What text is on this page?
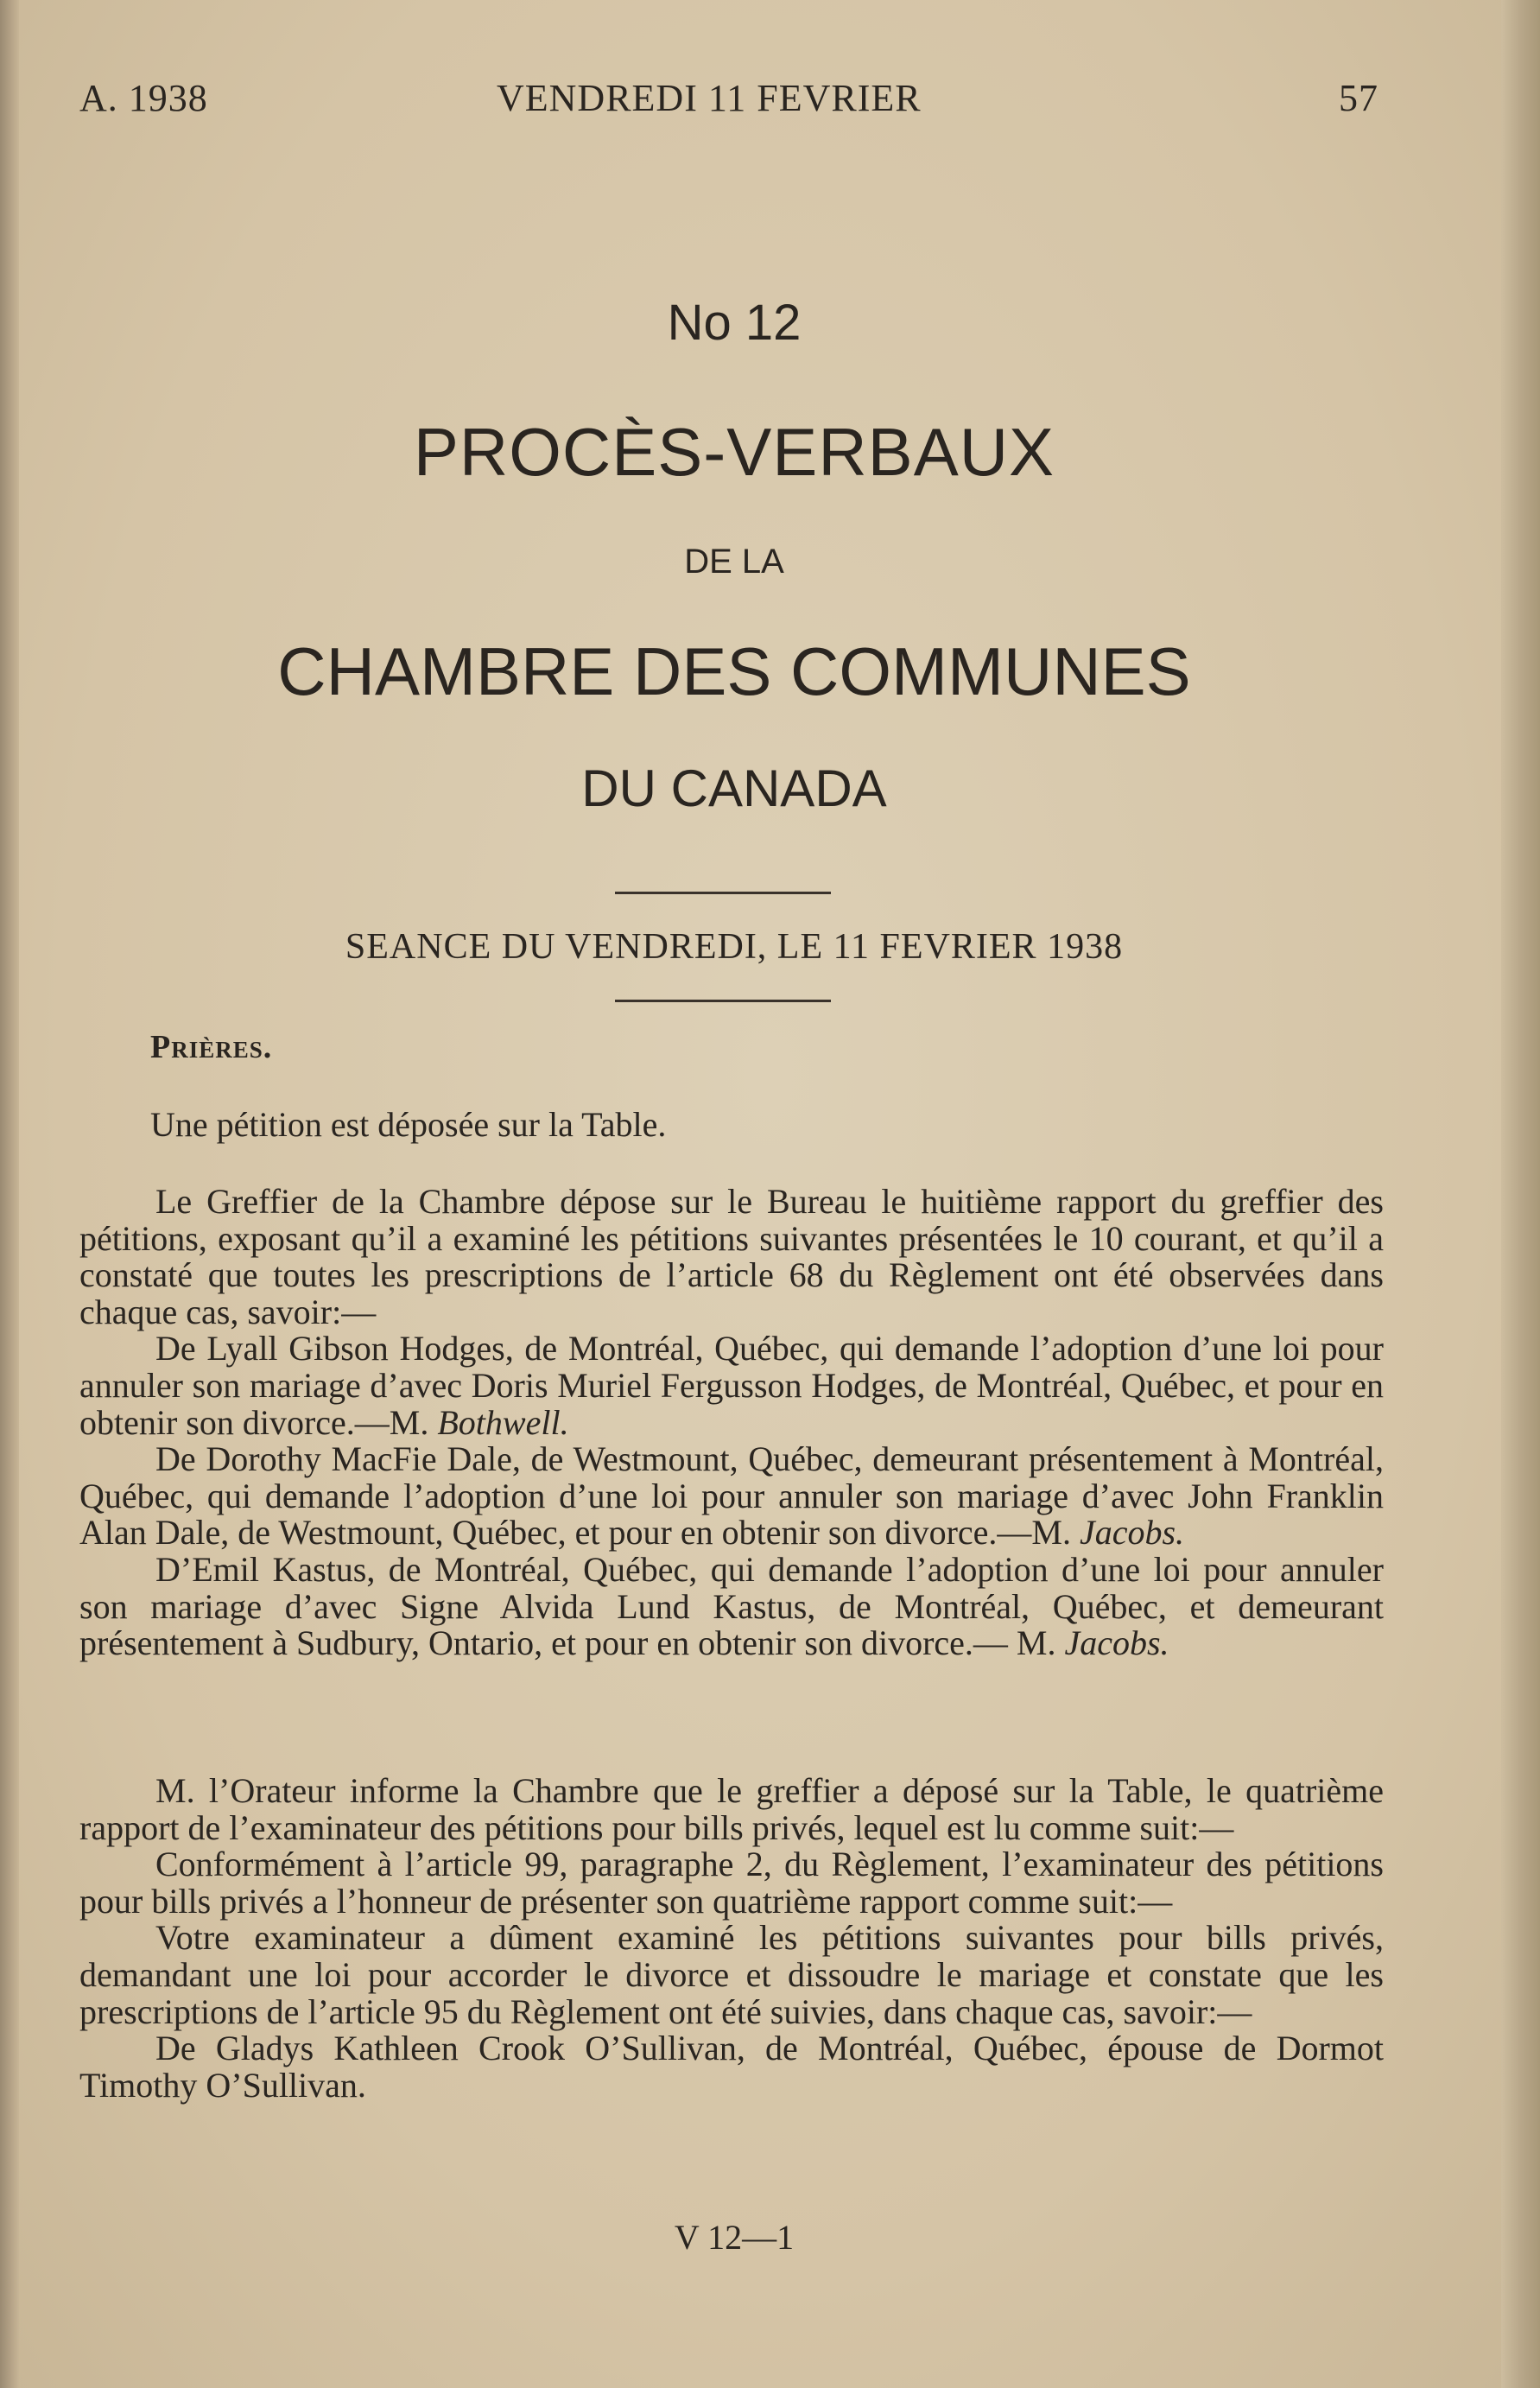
A. 1938	VENDREDI 11 FEVRIER	57
No 12
PROCÈS-VERBAUX
DE LA
CHAMBRE DES COMMUNES
DU CANADA
SEANCE DU VENDREDI, LE 11 FEVRIER 1938
Prières.
Une pétition est déposée sur la Table.

Le Greffier de la Chambre dépose sur le Bureau le huitième rapport du greffier des pétitions, exposant qu’il a examiné les pétitions suivantes présentées le 10 courant, et qu’il a constaté que toutes les prescriptions de l’article 68 du Règlement ont été observées dans chaque cas, savoir:—

De Lyall Gibson Hodges, de Montréal, Québec, qui demande l’adoption d’une loi pour annuler son mariage d’avec Doris Muriel Fergusson Hodges, de Montréal, Québec, et pour en obtenir son divorce.—M. Bothwell.

De Dorothy MacFie Dale, de Westmount, Québec, demeurant présentement à Montréal, Québec, qui demande l’adoption d’une loi pour annuler son mariage d’avec John Franklin Alan Dale, de Westmount, Québec, et pour en obtenir son divorce.—M. Jacobs.

D’Emil Kastus, de Montréal, Québec, qui demande l’adoption d’une loi pour annuler son mariage d’avec Signe Alvida Lund Kastus, de Montréal, Québec, et demeurant présentement à Sudbury, Ontario, et pour en obtenir son divorce.— M. Jacobs.

M. l’Orateur informe la Chambre que le greffier a déposé sur la Table, le quatrième rapport de l’examinateur des pétitions pour bills privés, lequel est lu comme suit:—

Conformément à l’article 99, paragraphe 2, du Règlement, l’examinateur des pétitions pour bills privés a l’honneur de présenter son quatrième rapport comme suit:—

Votre examinateur a dûment examiné les pétitions suivantes pour bills privés, demandant une loi pour accorder le divorce et dissoudre le mariage et constate que les prescriptions de l’article 95 du Règlement ont été suivies, dans chaque cas, savoir:—

De Gladys Kathleen Crook O’Sullivan, de Montréal, Québec, épouse de Dormot Timothy O’Sullivan.

V 12—1
